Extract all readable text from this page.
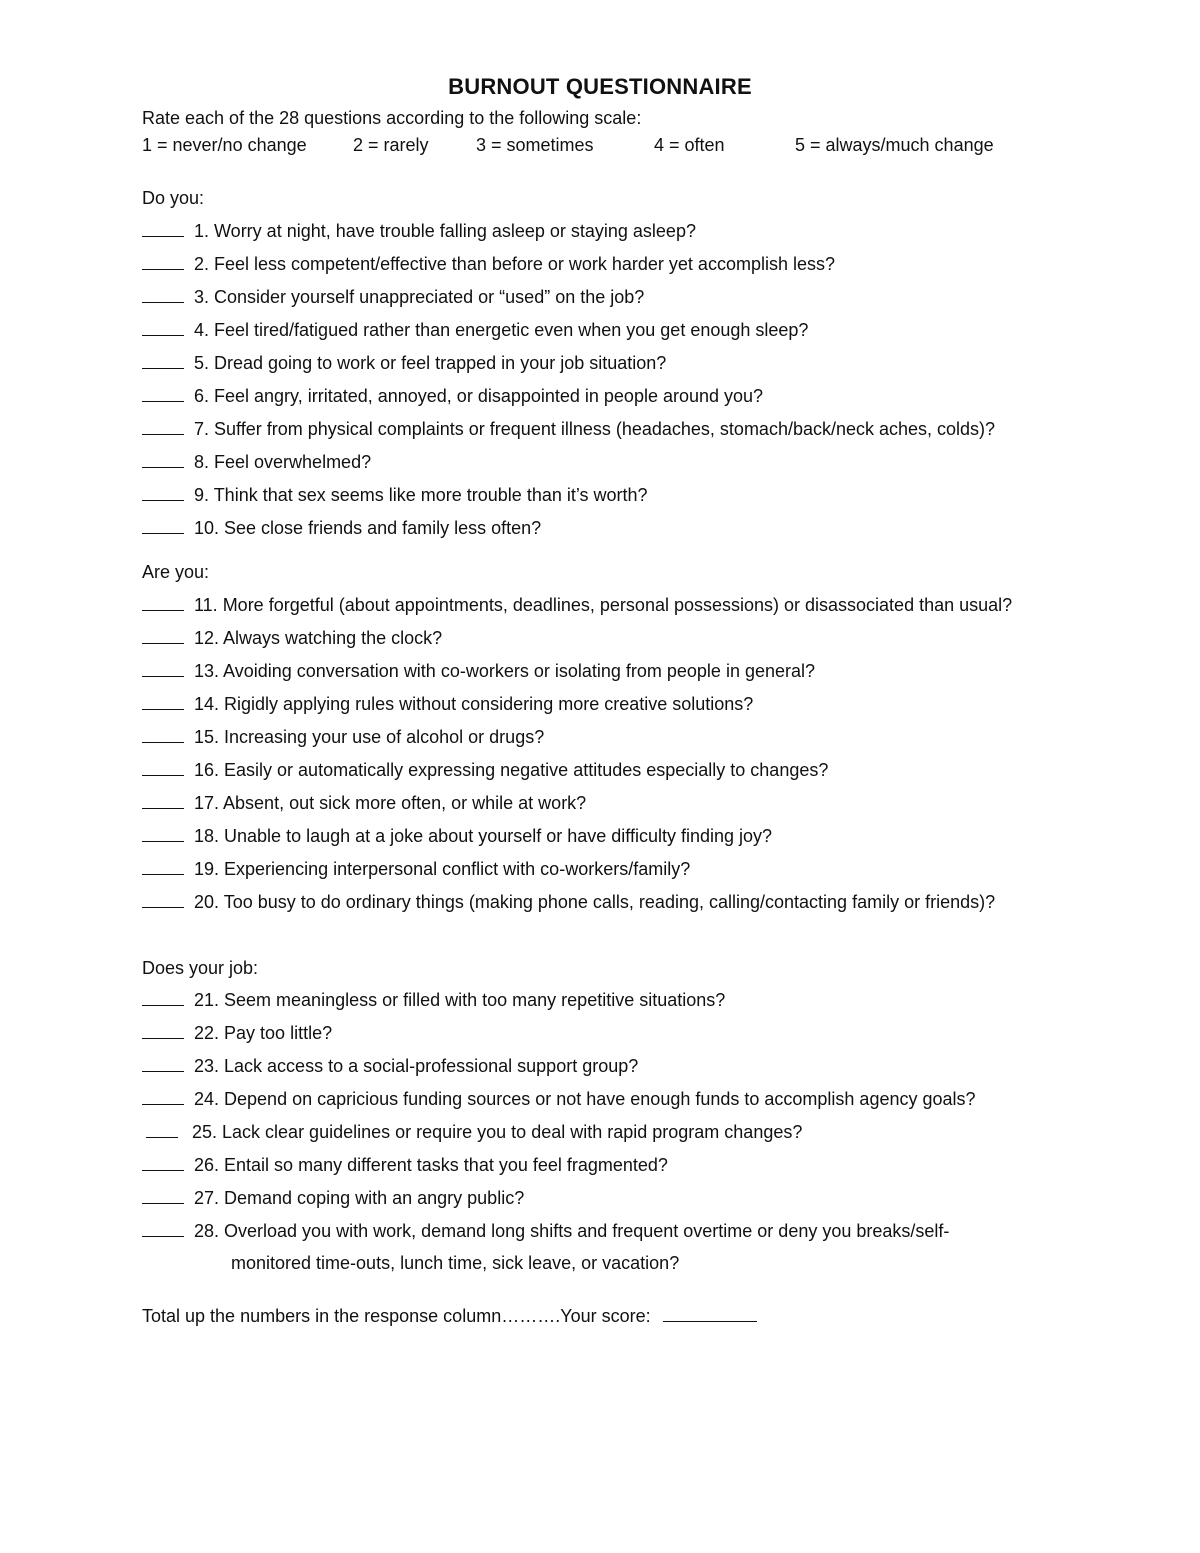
BURNOUT QUESTIONNAIRE
Rate each of the 28 questions according to the following scale:
1 = never/no change	2 = rarely	3 = sometimes	4 = often	5 = always/much change
Do you:
1. Worry at night, have trouble falling asleep or staying asleep?
2. Feel less competent/effective than before or work harder yet accomplish less?
3. Consider yourself unappreciated or “used” on the job?
4. Feel tired/fatigued rather than energetic even when you get enough sleep?
5. Dread going to work or feel trapped in your job situation?
6. Feel angry, irritated, annoyed, or disappointed in people around you?
7. Suffer from physical complaints or frequent illness (headaches, stomach/back/neck aches, colds)?
8. Feel overwhelmed?
9. Think that sex seems like more trouble than it’s worth?
10. See close friends and family less often?
Are you:
11. More forgetful (about appointments, deadlines, personal possessions) or disassociated than usual?
12. Always watching the clock?
13. Avoiding conversation with co-workers or isolating from people in general?
14. Rigidly applying rules without considering more creative solutions?
15. Increasing your use of alcohol or drugs?
16. Easily or automatically expressing negative attitudes especially to changes?
17. Absent, out sick more often, or while at work?
18. Unable to laugh at a joke about yourself or have difficulty finding joy?
19. Experiencing interpersonal conflict with co-workers/family?
20. Too busy to do ordinary things (making phone calls, reading, calling/contacting family or friends)?
Does your job:
21. Seem meaningless or filled with too many repetitive situations?
22. Pay too little?
23. Lack access to a social-professional support group?
24. Depend on capricious funding sources or not have enough funds to accomplish agency goals?
25. Lack clear guidelines or require you to deal with rapid program changes?
26. Entail so many different tasks that you feel fragmented?
27. Demand coping with an angry public?
28. Overload you with work, demand long shifts and frequent overtime or deny you breaks/self-
monitored time-outs, lunch time, sick leave, or vacation?
Total up the numbers in the response column……….Your score:
